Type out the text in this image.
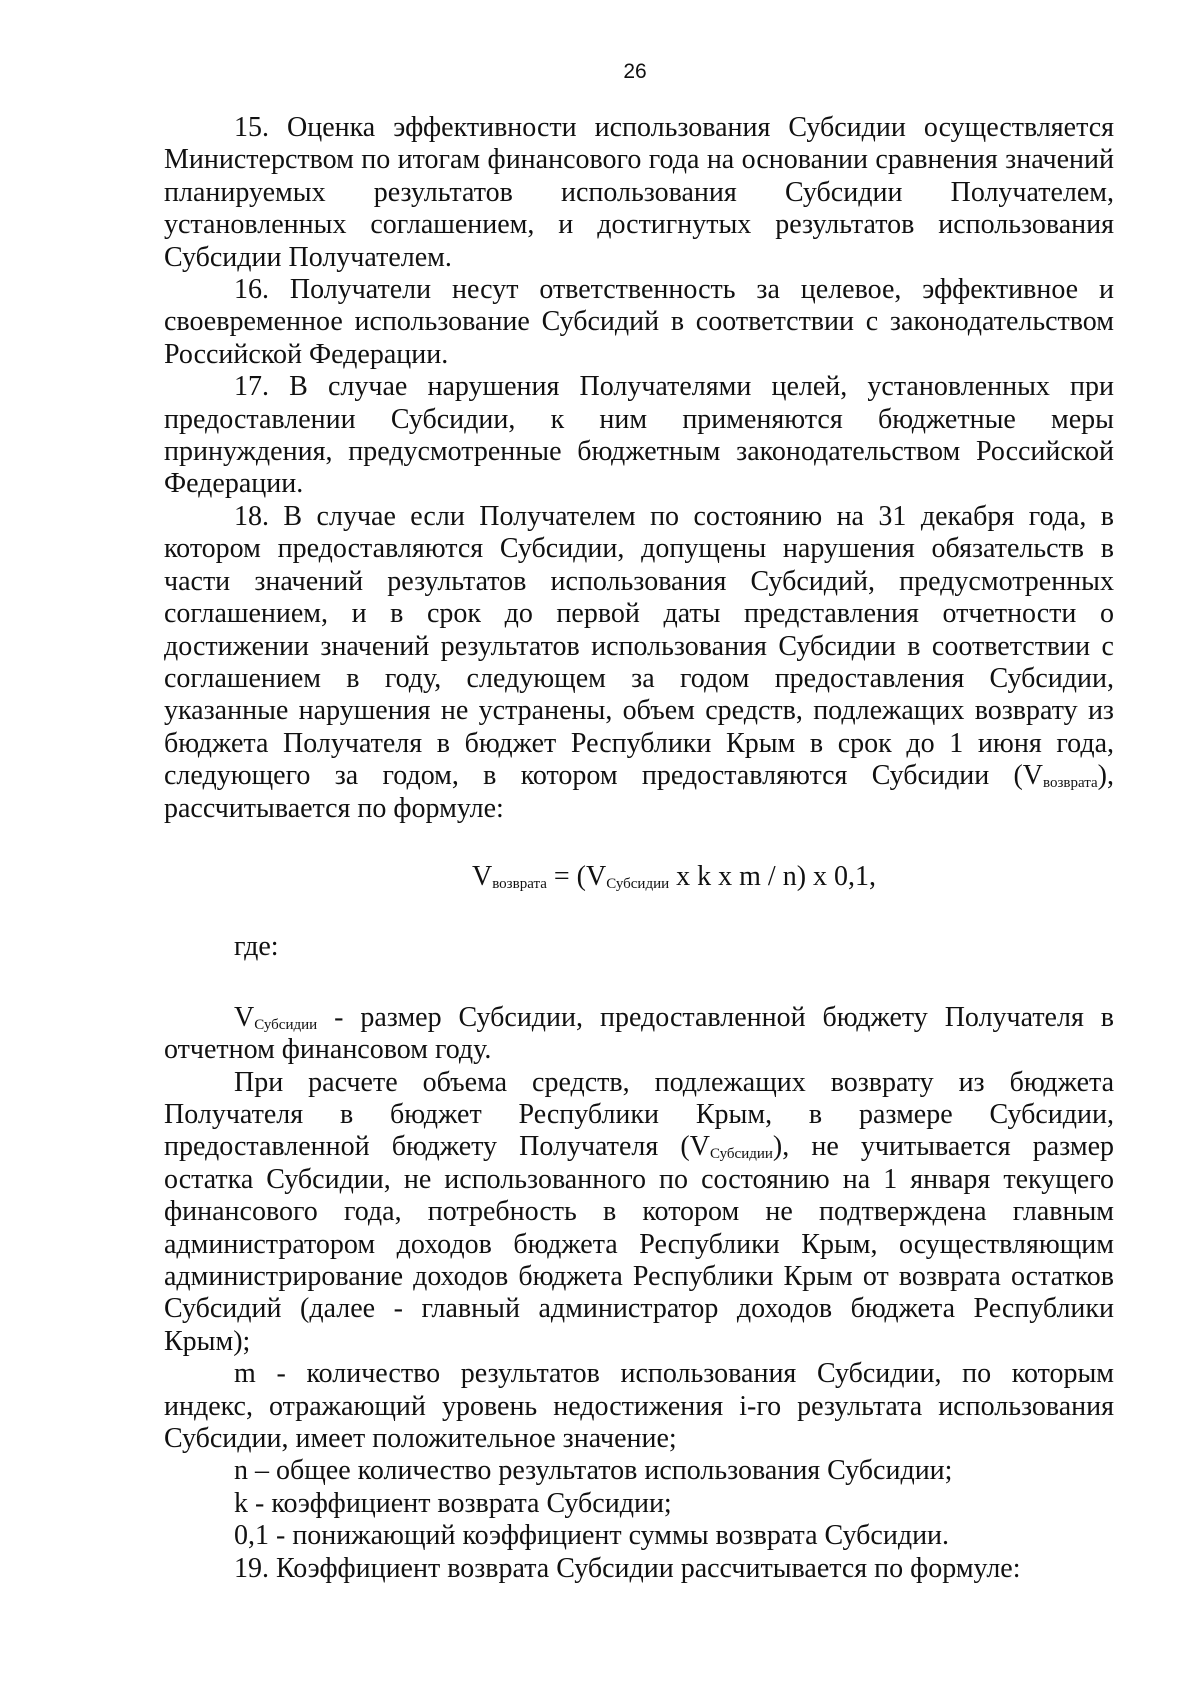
26

15. Оценка эффективности использования Субсидии осуществляется Министерством по итогам финансового года на основании сравнения значений планируемых результатов использования Субсидии Получателем, установленных соглашением, и достигнутых результатов использования Субсидии Получателем.

16. Получатели несут ответственность за целевое, эффективное и своевременное использование Субсидий в соответствии с законодательством Российской Федерации.

17. В случае нарушения Получателями целей, установленных при предоставлении Субсидии, к ним применяются бюджетные меры принуждения, предусмотренные бюджетным законодательством Российской Федерации.

18. В случае если Получателем по состоянию на 31 декабря года, в котором предоставляются Субсидии, допущены нарушения обязательств в части значений результатов использования Субсидий, предусмотренных соглашением, и в срок до первой даты представления отчетности о достижении значений результатов использования Субсидии в соответствии с соглашением в году, следующем за годом предоставления Субсидии, указанные нарушения не устранены, объем средств, подлежащих возврату из бюджета Получателя в бюджет Республики Крым в срок до 1 июня года, следующего за годом, в котором предоставляются Субсидии $(V_{возврата})$, рассчитывается по формуле:

$V_{возврата} = (V_{Субсидии}$ x k x m / n) x 0,1,

где:

$V_{Субсидии}$ - размер Субсидии, предоставленной бюджету Получателя в отчетном финансовом году.

При расчете объема средств, подлежащих возврату из бюджета Получателя в бюджет Республики Крым, в размере Субсидии, предоставленной бюджету Получателя $(V_{Субсидии})$, не учитывается размер остатка Субсидии, не использованного по состоянию на 1 января текущего финансового года, потребность в котором не подтверждена главным администратором доходов бюджета Республики Крым, осуществляющим администрирование доходов бюджета Республики Крым от возврата остатков Субсидий (далее - главный администратор доходов бюджета Республики Крым);

m - количество результатов использования Субсидии, по которым индекс, отражающий уровень недостижения i-го результата использования Субсидии, имеет положительное значение;

n – общее количество результатов использования Субсидии;

k - коэффициент возврата Субсидии;

0,1 - понижающий коэффициент суммы возврата Субсидии.

19. Коэффициент возврата Субсидии рассчитывается по формуле:
